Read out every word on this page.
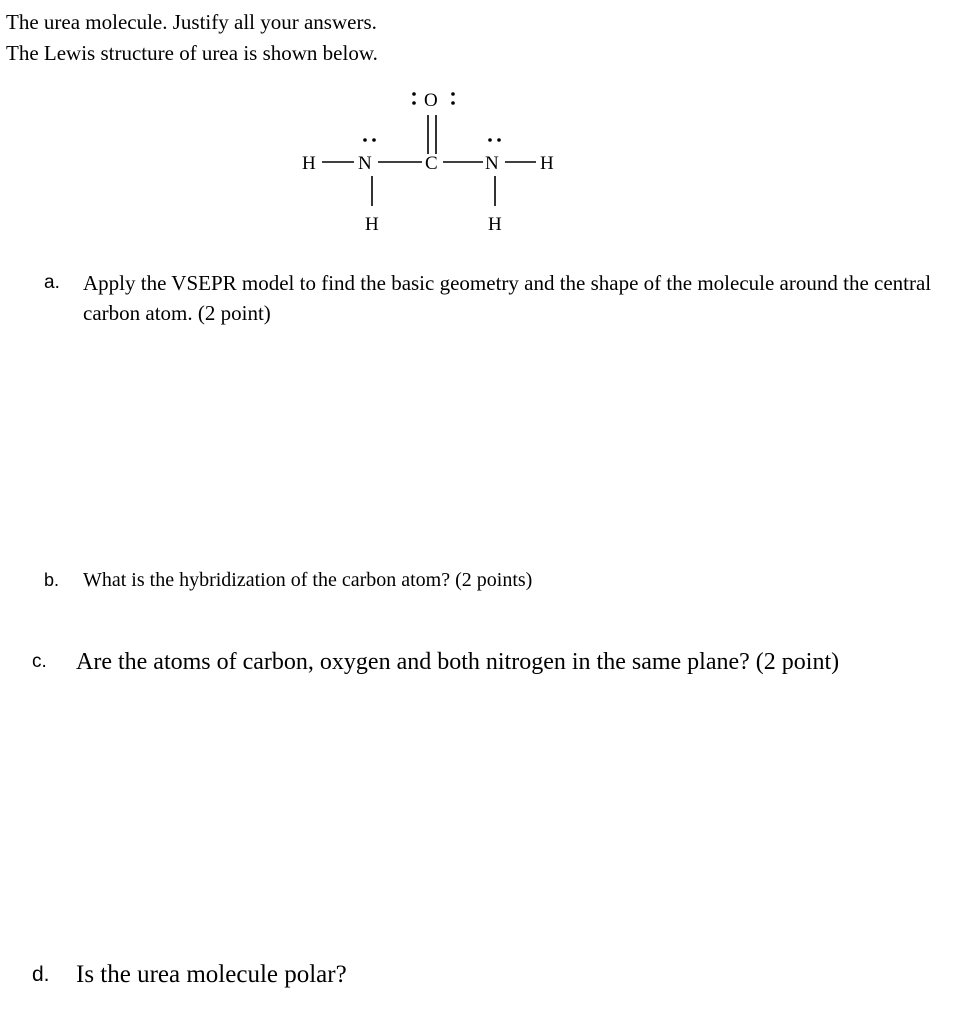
The urea molecule. Justify all your answers.
The Lewis structure of urea is shown below.
O
H N	C N H
H	H
a. Apply the VSEPR model to find the basic geometry and the shape of the molecule around the central carbon atom. (2 point)
b. What is the hybridization of the carbon atom? (2 points)
c. Are the atoms of carbon, oxygen and both nitrogen in the same plane? (2 point)
d. Is the urea molecule polar?
